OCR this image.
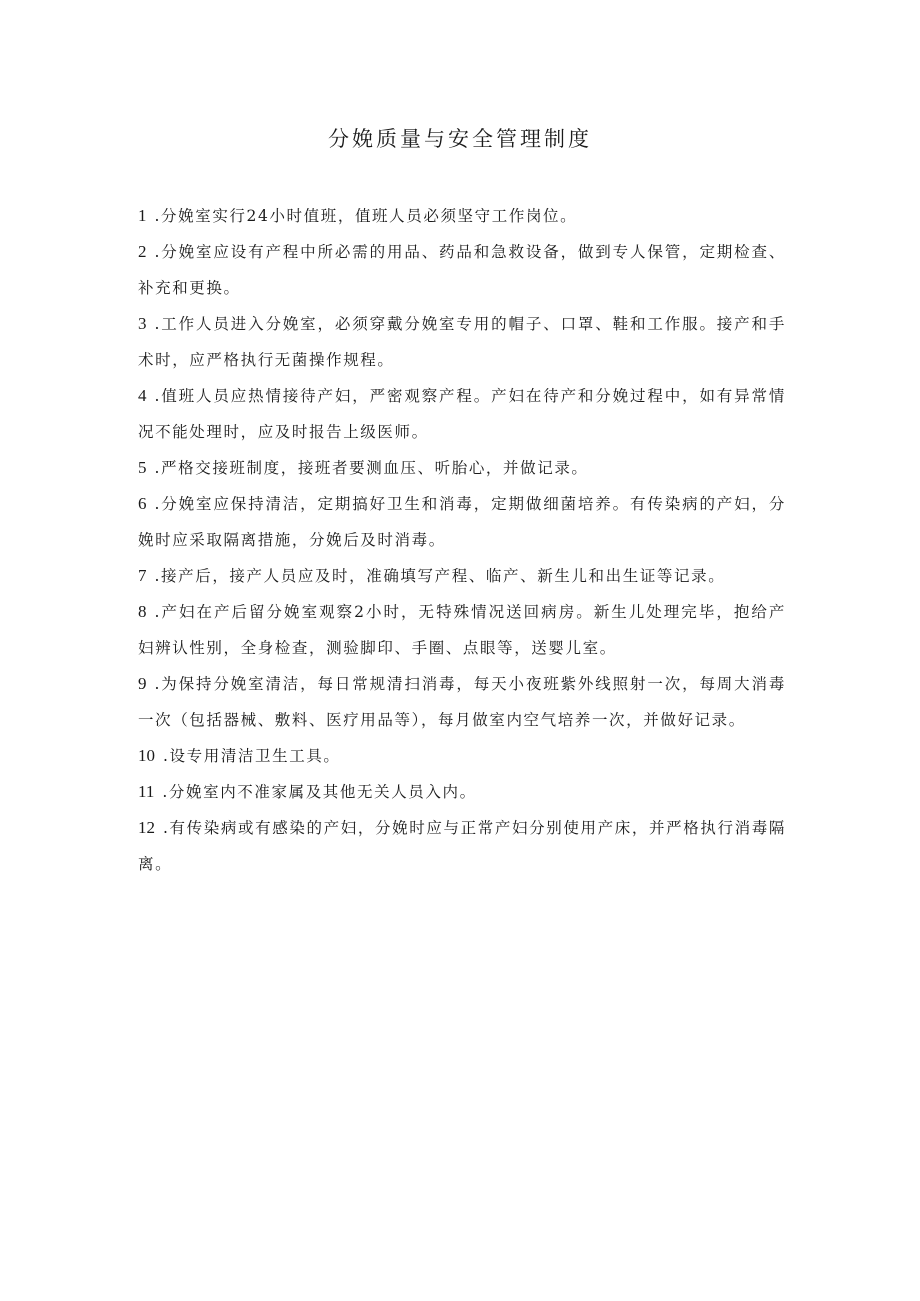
分娩质量与安全管理制度

1 .分娩室实行24小时值班，值班人员必须坚守工作岗位。

2 .分娩室应设有产程中所必需的用品、药品和急救设备，做到专人保管，定期检查、补充和更换。

3 .工作人员进入分娩室，必须穿戴分娩室专用的帽子、口罩、鞋和工作服。接产和手术时，应严格执行无菌操作规程。

4 .值班人员应热情接待产妇，严密观察产程。产妇在待产和分娩过程中，如有异常情况不能处理时，应及时报告上级医师。

5 .严格交接班制度，接班者要测血压、听胎心，并做记录。

6 .分娩室应保持清洁，定期搞好卫生和消毒，定期做细菌培养。有传染病的产妇，分娩时应采取隔离措施，分娩后及时消毒。

7 .接产后，接产人员应及时，准确填写产程、临产、新生儿和出生证等记录。

8 .产妇在产后留分娩室观察2小时，无特殊情况送回病房。新生儿处理完毕，抱给产妇辨认性别，全身检查，测验脚印、手圈、点眼等，送婴儿室。

9 .为保持分娩室清洁，每日常规清扫消毒，每天小夜班紫外线照射一次，每周大消毒一次（包括器械、敷料、医疗用品等），每月做室内空气培养一次，并做好记录。

10 .设专用清洁卫生工具。

11 .分娩室内不准家属及其他无关人员入内。

12 .有传染病或有感染的产妇，分娩时应与正常产妇分别使用产床，并严格执行消毒隔离。
